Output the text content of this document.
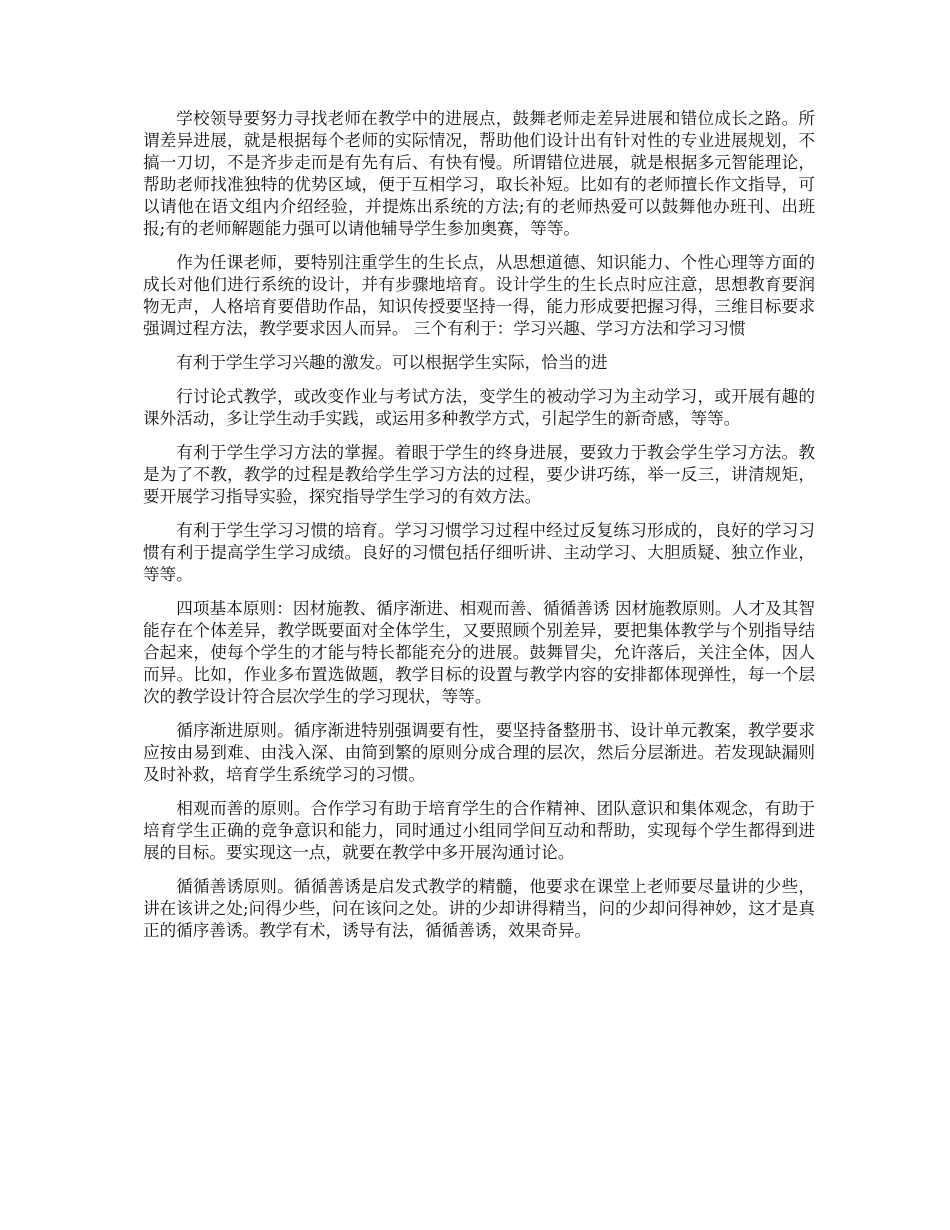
学校领导要努力寻找老师在教学中的进展点，鼓舞老师走差异进展和错位成长之路。所谓差异进展，就是根据每个老师的实际情况，帮助他们设计出有针对性的专业进展规划，不搞一刀切，不是齐步走而是有先有后、有快有慢。所谓错位进展，就是根据多元智能理论，帮助老师找准独特的优势区域，便于互相学习，取长补短。比如有的老师擅长作文指导，可以请他在语文组内介绍经验，并提炼出系统的方法;有的老师热爱可以鼓舞他办班刊、出班报;有的老师解题能力强可以请他辅导学生参加奥赛，等等。

作为任课老师，要特别注重学生的生长点，从思想道德、知识能力、个性心理等方面的成长对他们进行系统的设计，并有步骤地培育。设计学生的生长点时应注意，思想教育要润物无声，人格培育要借助作品，知识传授要坚持一得，能力形成要把握习得，三维目标要求强调过程方法，教学要求因人而异。 三个有利于：学习兴趣、学习方法和学习习惯

有利于学生学习兴趣的激发。可以根据学生实际，恰当的进

行讨论式教学，或改变作业与考试方法，变学生的被动学习为主动学习，或开展有趣的课外活动，多让学生动手实践，或运用多种教学方式，引起学生的新奇感，等等。

有利于学生学习方法的掌握。着眼于学生的终身进展，要致力于教会学生学习方法。教是为了不教，教学的过程是教给学生学习方法的过程，要少讲巧练，举一反三，讲清规矩，要开展学习指导实验，探究指导学生学习的有效方法。

有利于学生学习习惯的培育。学习习惯学习过程中经过反复练习形成的，良好的学习习惯有利于提高学生学习成绩。良好的习惯包括仔细听讲、主动学习、大胆质疑、独立作业，等等。

四项基本原则：因材施教、循序渐进、相观而善、循循善诱 因材施教原则。人才及其智能存在个体差异，教学既要面对全体学生，又要照顾个别差异，要把集体教学与个别指导结合起来，使每个学生的才能与特长都能充分的进展。鼓舞冒尖，允许落后，关注全体，因人而异。比如，作业多布置选做题，教学目标的设置与教学内容的安排都体现弹性，每一个层次的教学设计符合层次学生的学习现状，等等。

循序渐进原则。循序渐进特别强调要有性，要坚持备整册书、设计单元教案，教学要求应按由易到难、由浅入深、由简到繁的原则分成合理的层次，然后分层渐进。若发现缺漏则及时补救，培育学生系统学习的习惯。

相观而善的原则。合作学习有助于培育学生的合作精神、团队意识和集体观念，有助于培育学生正确的竞争意识和能力，同时通过小组同学间互动和帮助，实现每个学生都得到进展的目标。要实现这一点，就要在教学中多开展沟通讨论。

循循善诱原则。循循善诱是启发式教学的精髓，他要求在课堂上老师要尽量讲的少些，讲在该讲之处;问得少些，问在该问之处。讲的少却讲得精当，问的少却问得神妙，这才是真正的循序善诱。教学有术，诱导有法，循循善诱，效果奇异。
